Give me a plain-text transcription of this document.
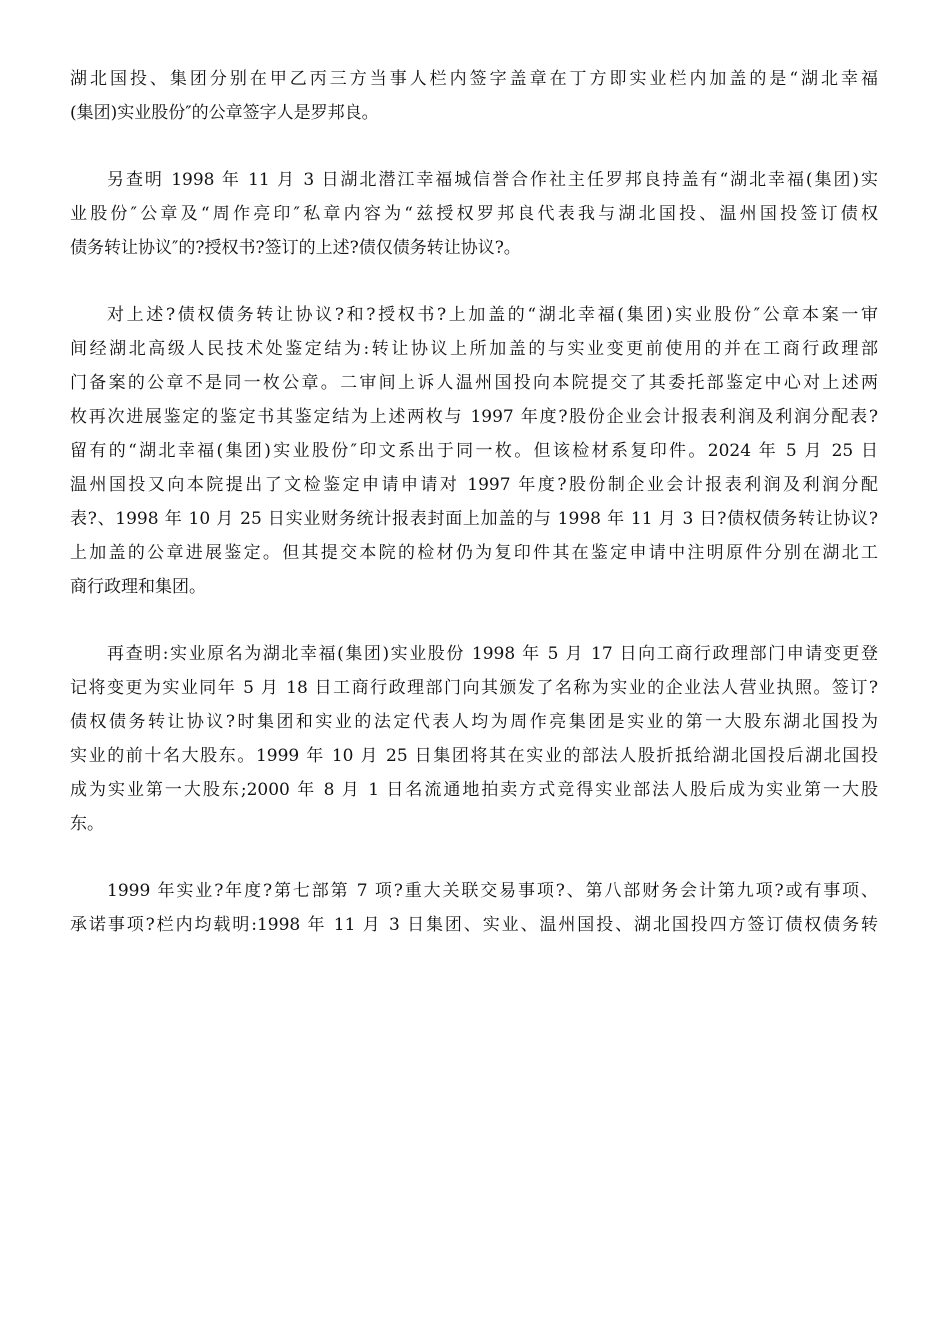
湖北国投、集团分别在甲乙丙三方当事人栏内签字盖章在丁方即实业栏内加盖的是“湖北幸福
(集团)实业股份″的公章签字人是罗邦良。
另查明 1998 年 11 月 3 日湖北潜江幸福城信誉合作社主任罗邦良持盖有“湖北幸福(集团)实
业股份″公章及“周作亮印″私章内容为“兹授权罗邦良代表我与湖北国投、温州国投签订债权
债务转让协议″的?授权书?签订的上述?债仅债务转让协议?。
对上述?债权债务转让协议?和?授权书?上加盖的“湖北幸福(集团)实业股份″公章本案一审
间经湖北高级人民技术处鉴定结为:转让协议上所加盖的与实业变更前使用的并在工商行政理部
门备案的公章不是同一枚公章。二审间上诉人温州国投向本院提交了其委托部鉴定中心对上述两
枚再次进展鉴定的鉴定书其鉴定结为上述两枚与 1997 年度?股份企业会计报表利润及利润分配表?
留有的“湖北幸福(集团)实业股份″印文系出于同一枚。但该检材系复印件。2024 年 5 月 25 日
温州国投又向本院提出了文检鉴定申请申请对 1997 年度?股份制企业会计报表利润及利润分配
表?、1998 年 10 月 25 日实业财务统计报表封面上加盖的与 1998 年 11 月 3 日?债权债务转让协议?
上加盖的公章进展鉴定。但其提交本院的检材仍为复印件其在鉴定申请中注明原件分别在湖北工
商行政理和集团。
再查明:实业原名为湖北幸福(集团)实业股份 1998 年 5 月 17 日向工商行政理部门申请变更登
记将变更为实业同年 5 月 18 日工商行政理部门向其颁发了名称为实业的企业法人营业执照。签订?
债权债务转让协议?时集团和实业的法定代表人均为周作亮集团是实业的第一大股东湖北国投为
实业的前十名大股东。1999 年 10 月 25 日集团将其在实业的部法人股折抵给湖北国投后湖北国投
成为实业第一大股东;2000 年 8 月 1 日名流通地拍卖方式竞得实业部法人股后成为实业第一大股
东。
1999 年实业?年度?第七部第 7 项?重大关联交易事项?、第八部财务会计第九项?或有事项、
承诺事项?栏内均载明:1998 年 11 月 3 日集团、实业、温州国投、湖北国投四方签订债权债务转
